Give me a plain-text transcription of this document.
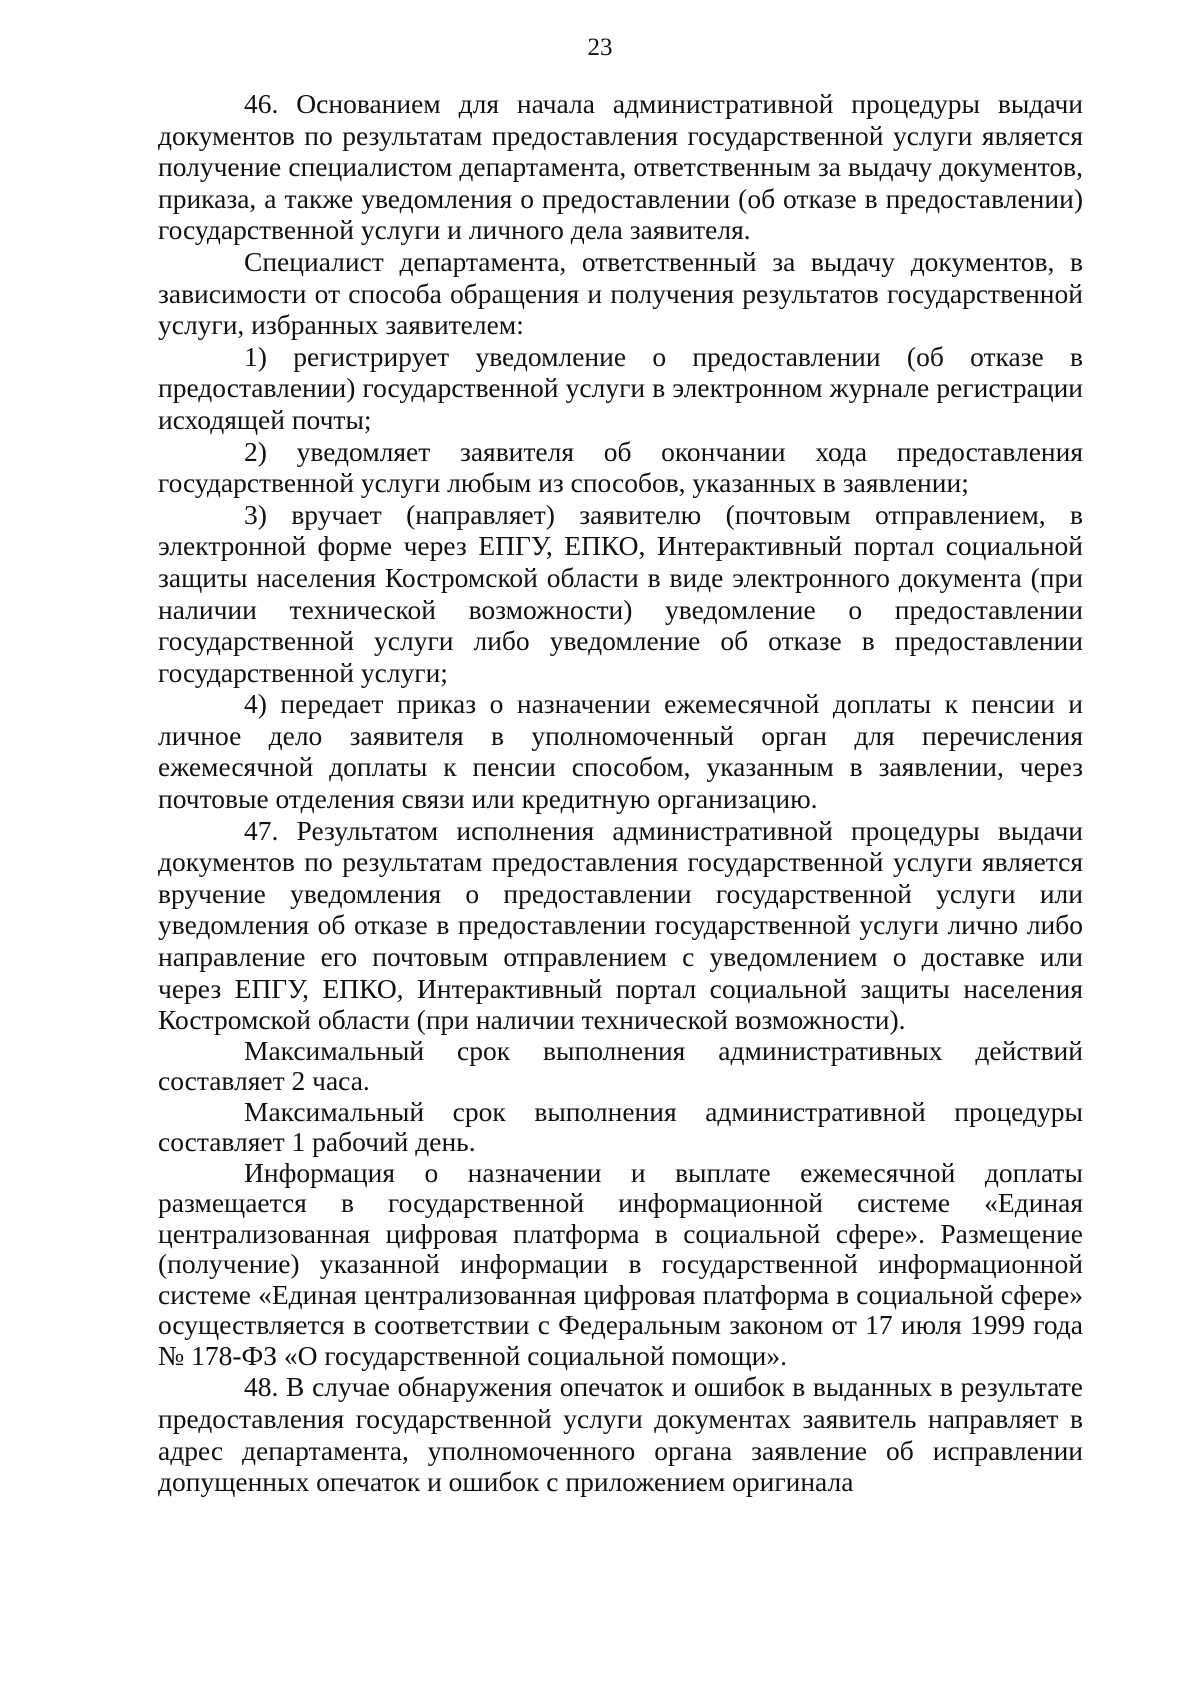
23

46. Основанием для начала административной процедуры выдачи документов по результатам предоставления государственной услуги является получение специалистом департамента, ответственным за выдачу документов, приказа, а также уведомления о предоставлении (об отказе в предоставлении) государственной услуги и личного дела заявителя.

Специалист департамента, ответственный за выдачу документов, в зависимости от способа обращения и получения результатов государственной услуги, избранных заявителем:

1) регистрирует уведомление о предоставлении (об отказе в предоставлении) государственной услуги в электронном журнале регистрации исходящей почты;

2) уведомляет заявителя об окончании хода предоставления государственной услуги любым из способов, указанных в заявлении;

3) вручает (направляет) заявителю (почтовым отправлением, в электронной форме через ЕПГУ, ЕПКО, Интерактивный портал социальной защиты населения Костромской области в виде электронного документа (при наличии технической возможности) уведомление о предоставлении государственной услуги либо уведомление об отказе в предоставлении государственной услуги;

4) передает приказ о назначении ежемесячной доплаты к пенсии и личное дело заявителя в уполномоченный орган для перечисления ежемесячной доплаты к пенсии способом, указанным в заявлении, через почтовые отделения связи или кредитную организацию.

47. Результатом исполнения административной процедуры выдачи документов по результатам предоставления государственной услуги является вручение уведомления о предоставлении государственной услуги или уведомления об отказе в предоставлении государственной услуги лично либо направление его почтовым отправлением с уведомлением о доставке или через ЕПГУ, ЕПКО, Интерактивный портал социальной защиты населения Костромской области (при наличии технической возможности).

Максимальный срок выполнения административных действий составляет 2 часа.

Максимальный срок выполнения административной процедуры составляет 1 рабочий день.

Информация о назначении и выплате ежемесячной доплаты размещается в государственной информационной системе «Единая централизованная цифровая платформа в социальной сфере». Размещение (получение) указанной информации в государственной информационной системе «Единая централизованная цифровая платформа в социальной сфере» осуществляется в соответствии с Федеральным законом от 17 июля 1999 года № 178-ФЗ «О государственной социальной помощи».

48. В случае обнаружения опечаток и ошибок в выданных в результате предоставления государственной услуги документах заявитель направляет в адрес департамента, уполномоченного органа заявление об исправлении допущенных опечаток и ошибок с приложением оригинала
